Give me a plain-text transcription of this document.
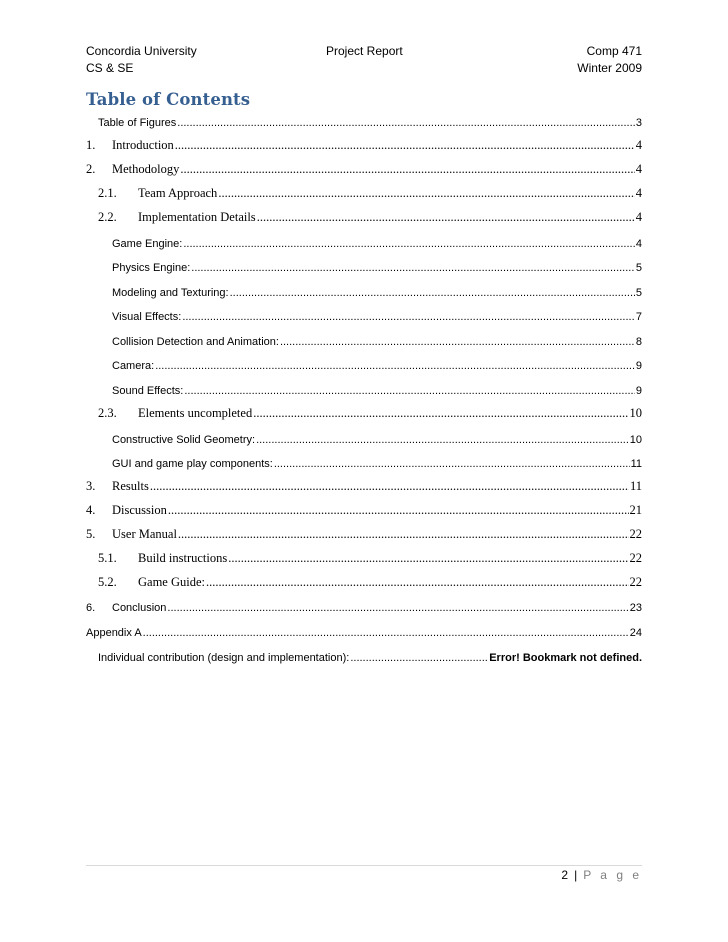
Concordia University
CS & SE
Project Report	Comp 471
Winter 2009
Table of Contents
Table of Figures .....	3
1. Introduction .....	4
2. Methodology .....	4
2.1. Team Approach .....	4
2.2. Implementation Details .....	4
Game Engine: .....	4
Physics Engine: .....	5
Modeling and Texturing: .....	5
Visual Effects: .....	7
Collision Detection and Animation: .....	8
Camera: .....	9
Sound Effects: .....	9
2.3. Elements uncompleted .....	10
Constructive Solid Geometry: .....	10
GUI and game play components: .....	11
3. Results .....	11
4. Discussion .....	21
5. User Manual .....	22
5.1. Build instructions .....	22
5.2. Game Guide: .....	22
6. Conclusion .....	23
Appendix A .....	24
Individual contribution (design and implementation): .....	Error! Bookmark not defined.
2 | P a g e
